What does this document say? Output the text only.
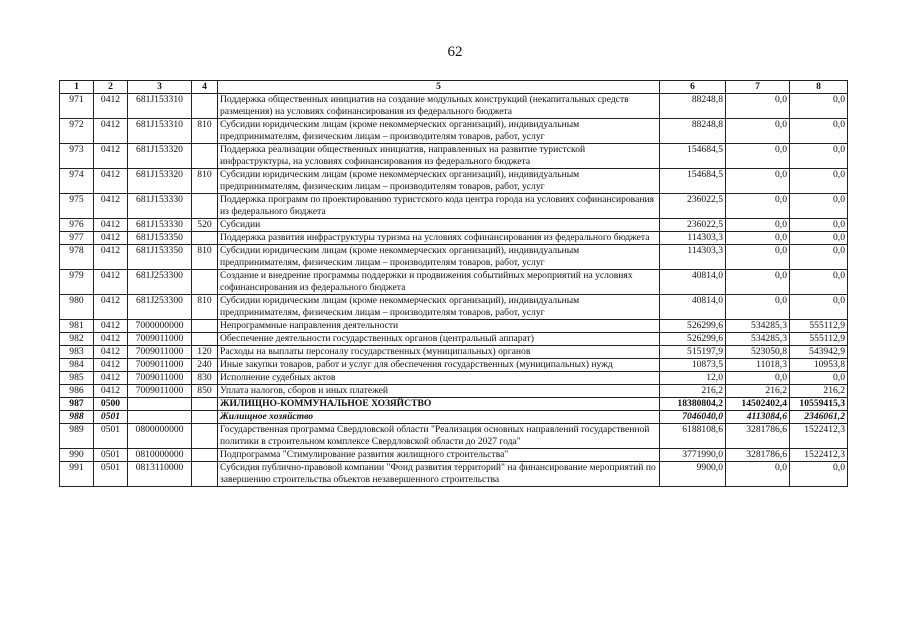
62
1	2	3	4	5	6	7	8
971	0412	681J153310		Поддержка общественных инициатив на создание модульных конструкций (некапитальных средств размещения) на условиях софинансирования из федерального бюджета	88248,8	0,0	0,0
972	0412	681J153310	810	Субсидии юридическим лицам (кроме некоммерческих организаций), индивидуальным предпринимателям, физическим лицам – производителям товаров, работ, услуг	88248,8	0,0	0,0
973	0412	681J153320		Поддержка реализации общественных инициатив, направленных на развитие туристской инфраструктуры, на условиях софинансирования из федерального бюджета	154684,5	0,0	0,0
974	0412	681J153320	810	Субсидии юридическим лицам (кроме некоммерческих организаций), индивидуальным предпринимателям, физическим лицам – производителям товаров, работ, услуг	154684,5	0,0	0,0
975	0412	681J153330		Поддержка программ по проектированию туристского кода центра города на условиях софинансирования из федерального бюджета	236022,5	0,0	0,0
976	0412	681J153330	520	Субсидии	236022,5	0,0	0,0
977	0412	681J153350		Поддержка развития инфраструктуры туризма на условиях софинансирования из федерального бюджета	114303,3	0,0	0,0
978	0412	681J153350	810	Субсидии юридическим лицам (кроме некоммерческих организаций), индивидуальным предпринимателям, физическим лицам – производителям товаров, работ, услуг	114303,3	0,0	0,0
979	0412	681J253300		Создание и внедрение программы поддержки и продвижения событийных мероприятий на условиях софинансирования из федерального бюджета	40814,0	0,0	0,0
980	0412	681J253300	810	Субсидии юридическим лицам (кроме некоммерческих организаций), индивидуальным предпринимателям, физическим лицам – производителям товаров, работ, услуг	40814,0	0,0	0,0
981	0412	7000000000		Непрограммные направления деятельности	526299,6	534285,3	555112,9
982	0412	7009011000		Обеспечение деятельности государственных органов (центральный аппарат)	526299,6	534285,3	555112,9
983	0412	7009011000	120	Расходы на выплаты персоналу государственных (муниципальных) органов	515197,9	523050,8	543942,9
984	0412	7009011000	240	Иные закупки товаров, работ и услуг для обеспечения государственных (муниципальных) нужд	10873,5	11018,3	10953,8
985	0412	7009011000	830	Исполнение судебных актов	12,0	0,0	0,0
986	0412	7009011000	850	Уплата налогов, сборов и иных платежей	216,2	216,2	216,2
987	0500			ЖИЛИЩНО-КОММУНАЛЬНОЕ ХОЗЯЙСТВО	18380804,2	14502402,4	10559415,3
988	0501			Жилищное хозяйство	7046040,0	4113084,6	2346061,2
989	0501	0800000000		Государственная программа Свердловской области "Реализация основных направлений государственной политики в строительном комплексе Свердловской области до 2027 года"	6188108,6	3281786,6	1522412,3
990	0501	0810000000		Подпрограмма "Стимулирование развития жилищного строительства"	3771990,0	3281786,6	1522412,3
991	0501	0813110000		Субсидия публично-правовой компании "Фонд развития территорий" на финансирование мероприятий по завершению строительства объектов незавершенного строительства	9900,0	0,0	0,0
